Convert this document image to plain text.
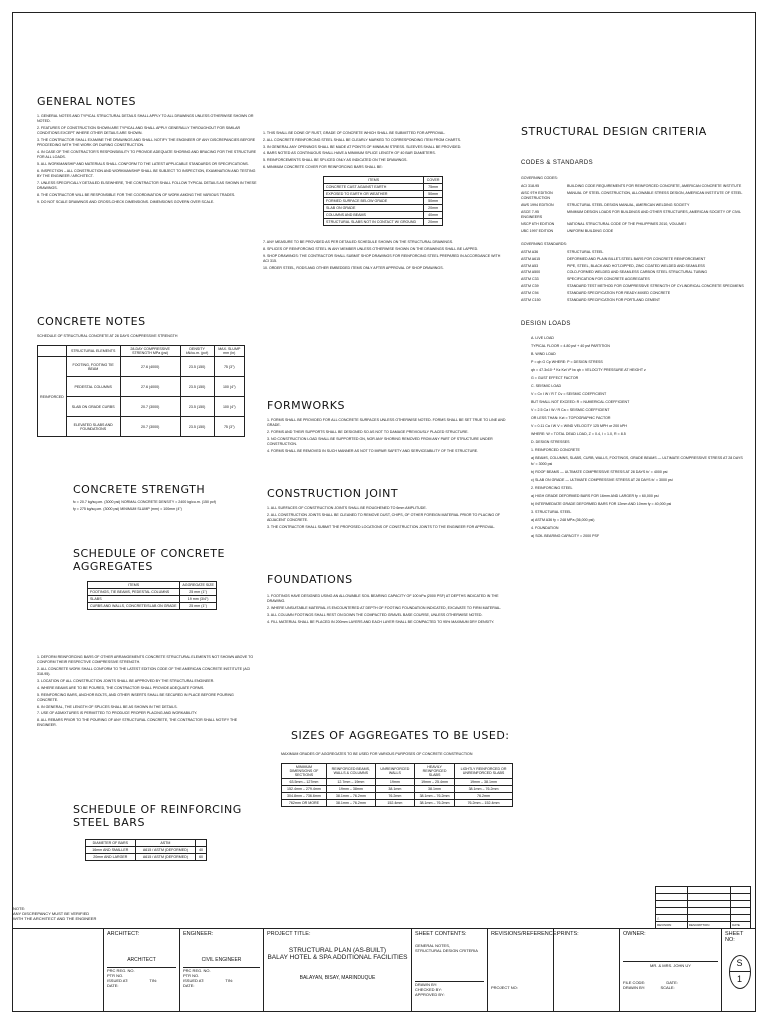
GENERAL NOTES

1. GENERAL NOTES AND TYPICAL STRUCTURAL DETAILS SHALL APPLY TO ALL DRAWINGS UNLESS OTHERWISE SHOWN OR NOTED.

2. FEATURES OF CONSTRUCTION SHOWN ARE TYPICAL AND SHALL APPLY GENERALLY THROUGHOUT FOR SIMILAR CONDITIONS EXCEPT WHERE OTHER DETAILS ARE SHOWN.

3. THE CONTRACTOR SHALL EXAMINE THE DRAWINGS AND SHALL NOTIFY THE ENGINEER OF ANY DISCREPANCIES BEFORE PROCEEDING WITH THE WORK OR DURING CONSTRUCTION.

4. IN CASE OF THE CONTRACTOR'S RESPONSIBILITY TO PROVIDE ADEQUATE SHORING AND BRACING FOR THE STRUCTURE FOR ALL LOADS.

5. ALL WORKMANSHIP AND MATERIALS SHALL CONFORM TO THE LATEST APPLICABLE STANDARDS OR SPECIFICATIONS.

6. INSPECTION – ALL CONSTRUCTION AND WORKMANSHIP SHALL BE SUBJECT TO INSPECTION, EXAMINATION AND TESTING BY THE ENGINEER / ARCHITECT.

7. UNLESS SPECIFICALLY DETAILED ELSEWHERE, THE CONTRACTOR SHALL FOLLOW TYPICAL DETAILS AS SHOWN IN THESE DRAWINGS.

8. THE CONTRACTOR WILL BE RESPONSIBLE FOR THE COORDINATION OF WORK AMONG THE VARIOUS TRADES.

9. DO NOT SCALE DRAWINGS AND CROSS-CHECK DIMENSIONS. DIMENSIONS GOVERN OVER SCALE.

1. THIS SHALL BE DONE OF RUST, GRADE OF CONCRETE WHICH SHALL BE SUBMITTED FOR APPROVAL.

2. ALL CONCRETE REINFORCING STEEL SHALL BE CLEARLY MARKED TO CORRESPONDING ITEM FROM CHARTS.

3. IN GENERAL ANY OPENINGS SHALL BE MADE AT POINTS OF MINIMUM STRESS. SLEEVES SHALL BE PROVIDED.

4. BARS NOTED AS CONTINUOUS SHALL HAVE A MINIMUM SPLICE LENGTH OF 40 BAR DIAMETERS.

5. REINFORCEMENTS SHALL BE SPLICED ONLY AS INDICATED ON THE DRAWINGS.

6. MINIMUM CONCRETE COVER FOR REINFORCING BARS SHALL BE:

ITEMS	COVER
CONCRETE CAST AGAINST EARTH	75mm
EXPOSED TO EARTH OR WEATHER	50mm
FORMED SURFACE BELOW GRADE	50mm
SLAB ON GRADE	20mm
COLUMNS AND BEAMS	40mm
STRUCTURAL SLABS NOT IN CONTACT W/ GROUND	20mm

7. ANY MEASURE TO BE PROVIDED AS PER DETAILED SCHEDULE SHOWN ON THE STRUCTURAL DRAWINGS.

8. SPLICES OF REINFORCING STEEL IN ANY MEMBER UNLESS OTHERWISE SHOWN ON THE DRAWINGS SHALL BE LAPPED.

9. SHOP DRAWINGS: THE CONTRACTOR SHALL SUBMIT SHOP DRAWINGS FOR REINFORCING STEEL PREPARED IN ACCORDANCE WITH ACI 315.

10. ORDER STEEL, RODS AND OTHER EMBEDDED ITEMS ONLY AFTER APPROVAL OF SHOP DRAWINGS.

CONCRETE NOTES
SCHEDULE OF STRUCTURAL CONCRETE AT 28 DAYS COMPRESSIVE STRENGTH
	STRUCTURAL ELEMENTS	28-DAY COMPRESSIVE STRENGTH MPa (psi)	DENSITY kN/cu.m. (pcf)	MAX. SLUMP mm (in)
REINFORCED	FOOTING, FOOTING TIE BEAM	27.6 (4000)	23.5 (150)	75 (3")
	PEDESTAL COLUMNS	27.6 (4000)	23.5 (150)	100 (4")
	SLAB ON GRADE CURBS	20.7 (3000)	23.5 (150)	100 (4")
	ELEVATED SLABS AND FOUNDATIONS	20.7 (3000)	23.5 (150)	75 (3")
CONCRETE STRENGTH

fc = 20.7 kg/sq.cm. (3000 psi) NORMAL CONCRETE DENSITY = 2400 kg/cu.m. (150 pcf)

fy = 275 kg/sq.cm. (3000 psi) MINIMUM SLUMP (mm) = 100mm (4")

SCHEDULE OF CONCRETE AGGREGATES
ITEMS	AGGREGATE SIZE
FOOTINGS, TIE BEAMS, PEDESTAL COLUMNS	25 mm (1")
SLABS	19 mm (3/4")
CURBS AND WALLS, CONCRETE/SLAB ON GRADE	25 mm (1")

1. DEFORM REINFORCING BARS OF OTHER ARRANGEMENTS CONCRETE STRUCTURAL ELEMENTS NOT SHOWN ABOVE TO CONFORM THEIR RESPECTIVE COMPRESSIVE STRENGTH.

2. ALL CONCRETE WORK SHALL CONFORM TO THE LATEST EDITION CODE OF THE AMERICAN CONCRETE INSTITUTE (ACI 318-95).

3. LOCATION OF ALL CONSTRUCTION JOINTS SHALL BE APPROVED BY THE STRUCTURAL ENGINEER.

4. WHERE BEAMS ARE TO BE POURED, THE CONTRACTOR SHALL PROVIDE ADEQUATE FORMS.

5. REINFORCING BARS, ANCHOR BOLTS, AND OTHER INSERTS SHALL BE SECURED IN PLACE BEFORE POURING CONCRETE.

6. IN GENERAL, THE LENGTH OF SPLICES SHALL BE AS SHOWN IN THE DETAILS.

7. USE OF ADMIXTURES IS PERMITTED TO PRODUCE PROPER PLACING AND WORKABILITY.

8. ALL REBARS PRIOR TO THE POURING OF ANY STRUCTURAL CONCRETE, THE CONTRACTOR SHALL NOTIFY THE ENGINEER.

SCHEDULE OF REINFORCING STEEL BARS
DIAMETER OF BARS	ASTM	
16mm AND SMALLER	A615 / ASTM (DEFORMED)	40
20mm AND LARGER	A615 / ASTM (DEFORMED)	60
FORMWORKS

1. FORMS SHALL BE PROVIDED FOR ALL CONCRETE SURFACES UNLESS OTHERWISE NOTED. FORMS SHALL BE SET TRUE TO LINE AND GRADE.

2. FORMS AND THEIR SUPPORTS SHALL BE DESIGNED SO AS NOT TO DAMAGE PREVIOUSLY PLACED STRUCTURE.

3. NO CONSTRUCTION LOAD SHALL BE SUPPORTED ON, NOR ANY SHORING REMOVED FROM ANY PART OF STRUCTURE UNDER CONSTRUCTION.

4. FORMS SHALL BE REMOVED IN SUCH MANNER AS NOT TO IMPAIR SAFETY AND SERVICEABILITY OF THE STRUCTURE.

CONSTRUCTION JOINT

1. ALL SURFACES OF CONSTRUCTION JOINTS SHALL BE ROUGHENED TO 6mm AMPLITUDE.

2. ALL CONSTRUCTION JOINTS SHALL BE CLEANED TO REMOVE DUST, CHIPS, OF OTHER FOREIGN MATERIAL PRIOR TO PLACING OF ADJACENT CONCRETE.

3. THE CONTRACTOR SHALL SUBMIT THE PROPOSED LOCATIONS OF CONSTRUCTION JOINTS TO THE ENGINEER FOR APPROVAL.

FOUNDATIONS

1. FOOTINGS HAVE DESIGNED USING AN ALLOWABLE SOIL BEARING CAPACITY OF 100 kPa (2000 PSF) AT DEPTHS INDICATED IN THE DRAWING.

2. WHERE UNSUITABLE MATERIAL IS ENCOUNTERED AT DEPTH OF FOOTING FOUNDATION INDICATED, EXCAVATE TO FIRM MATERIAL.

3. ALL COLUMN FOOTINGS SHALL REST ON DOWN THE COMPACTED GRAVEL BASE COURSE, UNLESS OTHERWISE NOTED.

4. FILL MATERIAL SHALL BE PLACED IN 200mm LAYERS AND EACH LAYER SHALL BE COMPACTED TO 95% MAXIMUM DRY DENSITY.

SIZES OF AGGREGATES TO BE USED:
MAXIMUM GRADES OF AGGREGATES TO BE USED FOR VARIOUS PURPOSES OF CONCRETE CONSTRUCTION
MINIMUM DIMENSIONS OF SECTIONS	REINFORCED BEAMS, WALLS & COLUMNS	UNREINFORCED WALLS	HEAVILY REINFORCED SLABS	LIGHTLY REINFORCED OR UNREINFORCED SLABS
63.5mm – 127mm	12.7mm – 19mm	19mm	19mm – 25.4mm	19mm – 38.1mm
152.4mm – 279.4mm	19mm – 38mm	38.1mm	38.1mm	38.1mm – 76.2mm
304.8mm – 736.6mm	38.1mm – 76.2mm	76.2mm	38.1mm – 76.2mm	76.2mm
762mm OR MORE	38.1mm – 76.2mm	152.4mm	38.1mm – 76.2mm	76.2mm – 152.4mm
STRUCTURAL DESIGN CRITERIA
CODES & STANDARDS
GOVERNING CODES:

ACI 318-95	BUILDING CODE REQUIREMENTS FOR REINFORCED CONCRETE, AMERICAN CONCRETE INSTITUTE

AISC 9TH EDITION	MANUAL OF STEEL CONSTRUCTION, ALLOWABLE STRESS DESIGN, AMERICAN INSTITUTE OF STEEL CONSTRUCTION

AWS 1994 EDITION	STRUCTURAL STEEL DESIGN MANUAL, AMERICAN WELDING SOCIETY

ASCE 7-95	MINIMUM DESIGN LOADS FOR BUILDINGS AND OTHER STRUCTURES, AMERICAN SOCIETY OF CIVIL ENGINEERS

NSCP 6TH EDITION	NATIONAL STRUCTURAL CODE OF THE PHILIPPINES 2010, VOLUME I

UBC 1997 EDITION	UNIFORM BUILDING CODE

GOVERNING STANDARDS:

ASTM A36	STRUCTURAL STEEL

ASTM A615	DEFORMED AND PLAIN BILLET-STEEL BARS FOR CONCRETE REINFORCEMENT

ASTM A53	PIPE, STEEL, BLACK AND HOT-DIPPED, ZINC COATED WELDED AND SEAMLESS

ASTM A500	COLD-FORMED WELDED AND SEAMLESS CARBON STEEL STRUCTURAL TUBING

ASTM C33	SPECIFICATION FOR CONCRETE AGGREGATES

ASTM C39	STANDARD TEST METHOD FOR COMPRESSIVE STRENGTH OF CYLINDRICAL CONCRETE SPECIMENS

ASTM C94	STANDARD SPECIFICATION FOR READY-MIXED CONCRETE

ASTM C150	STANDARD SPECIFICATION FOR PORTLAND CEMENT

DESIGN LOADS

A. LIVE LOAD

TYPICAL FLOOR = 4.80 psf + 40 psf PARTITION

B. WIND LOAD

P = qh G Cp WHERE: P = DESIGN STRESS

qh = 47.3x10⁻⁶ Kz Kzt V² Iw qh = VELOCITY PRESSURE AT HEIGHT z

G = GUST EFFECT FACTOR

C. SEISMIC LOAD

V = Cv I W / R T Cv = SEISMIC COEFFICIENT

BUT SHALL NOT EXCEED: R = NUMERICAL COEFFICIENT

V = 2.5 Ca I W / R Ca = SEISMIC COEFFICIENT

OR LESS THAN: Kzt = TOPOGRAPHIC FACTOR

V = 0.11 Ca I W V = WIND VELOCITY 125 MPH or 200 kPH

WHERE: W = TOTAL DEAD LOAD, Z = 0.4, I = 1.0, R = 8.5

D. DESIGN STRESSES

1. REINFORCED CONCRETE

a) BEAMS, COLUMNS, SLABS, CURB, WALLS, FOOTINGS, GRADE BEAMS — ULTIMATE COMPRESSIVE STRESS AT 28 DAYS fc' = 3000 psi

b) ROOF BEAMS — ULTIMATE COMPRESSIVE STRESS AT 28 DAYS fc' = 4000 psi

c) SLAB ON GRADE — ULTIMATE COMPRESSIVE STRESS AT 28 DAYS fc' = 3000 psi

2. REINFORCING STEEL

a) HIGH GRADE DEFORMED BARS FOR 16mm AND LARGER fy = 60,000 psi

b) INTERMEDIATE GRADE DEFORMED BARS FOR 12mm AND 10mm fy = 40,000 psi

3. STRUCTURAL STEEL

a) ASTM A36 fy = 248 MPa (36,000 psi)

4. FOUNDATION

a) SOIL BEARING CAPACITY = 2000 PSF

△		
REVISION	DESCRIPTION	DATE
NOTE:
ANY DISCREPANCY MUST BE VERIFIED
WITH THE ARCHITECT AND THE ENGINEER
ARCHITECT:
ARCHITECT
PRC REG. NO.
PTR NO.
ISSUED AT:	TIN:
DATE:
ENGINEER:
CIVIL ENGINEER
PRC REG. NO.
PTR NO.
ISSUED AT:	TIN:
DATE:
PROJECT TITLE:
STRUCTURAL PLAN (AS-BUILT)
BALAY HOTEL & SPA ADDITIONAL FACILITIES
BALAYAN, BISAY, MARINDUQUE
SHEET CONTENTS:
GENERAL NOTES,
STRUCTURAL DESIGN CRITERIA
DRAWN BY:
CHECKED BY:
APPROVED BY:
REVISIONS/REFERENCE:
PROJECT NO:
PRINTS:	OWNER:
MR. & MRS. JOHN UY
FILE CODE:	DATE:
DRAWN BY:	SCALE:
SHEET NO:
S
1
